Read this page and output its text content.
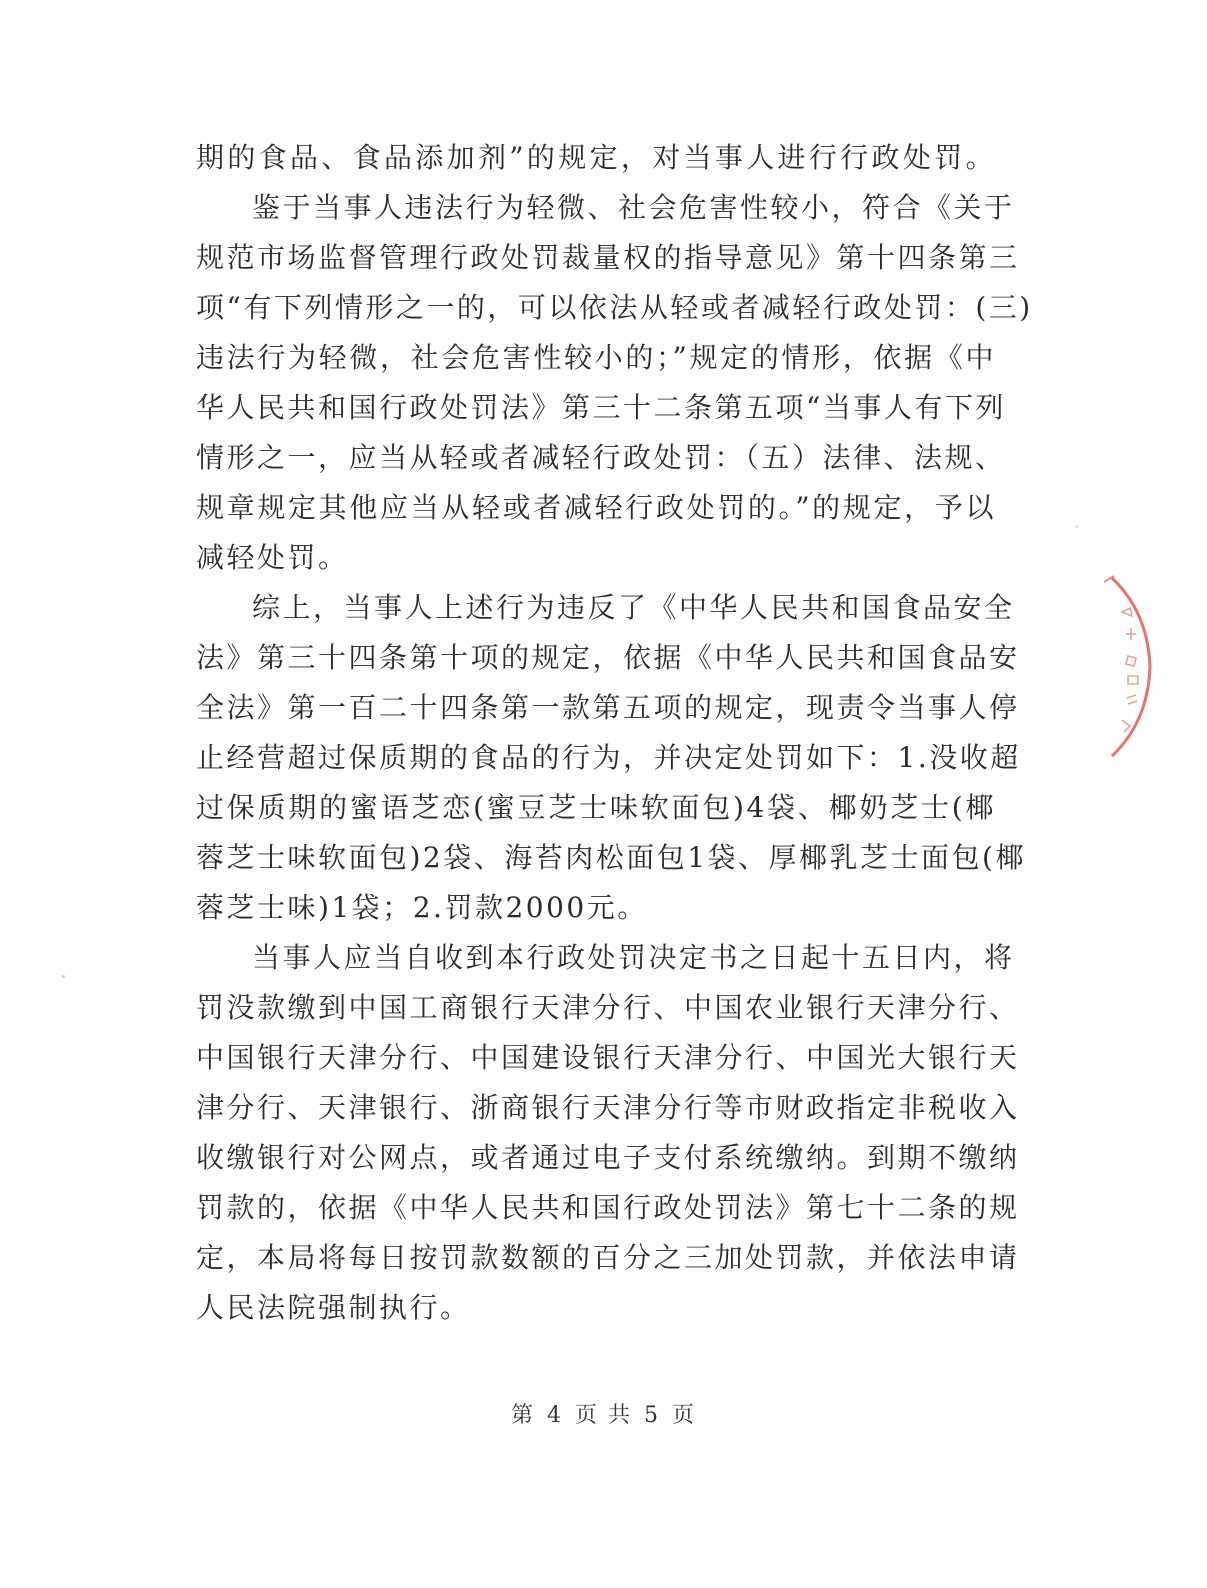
期的食品、食品添加剂”的规定，对当事人进行行政处罚。
鉴于当事人违法行为轻微、社会危害性较小，符合《关于
规范市场监督管理行政处罚裁量权的指导意见》第十四条第三
项“有下列情形之一的，可以依法从轻或者减轻行政处罚：(三)
违法行为轻微，社会危害性较小的；”规定的情形，依据《中
华人民共和国行政处罚法》第三十二条第五项“当事人有下列
情形之一，应当从轻或者减轻行政处罚：（五）法律、法规、
规章规定其他应当从轻或者减轻行政处罚的。”的规定，予以
减轻处罚。
综上，当事人上述行为违反了《中华人民共和国食品安全
法》第三十四条第十项的规定，依据《中华人民共和国食品安
全法》第一百二十四条第一款第五项的规定，现责令当事人停
止经营超过保质期的食品的行为，并决定处罚如下：1.没收超
过保质期的蜜语芝恋(蜜豆芝士味软面包)4袋、椰奶芝士(椰
蓉芝士味软面包)2袋、海苔肉松面包1袋、厚椰乳芝士面包(椰
蓉芝士味)1袋；2.罚款2000元。
当事人应当自收到本行政处罚决定书之日起十五日内，将
罚没款缴到中国工商银行天津分行、中国农业银行天津分行、
中国银行天津分行、中国建设银行天津分行、中国光大银行天
津分行、天津银行、浙商银行天津分行等市财政指定非税收入
收缴银行对公网点，或者通过电子支付系统缴纳。到期不缴纳
罚款的，依据《中华人民共和国行政处罚法》第七十二条的规
定，本局将每日按罚款数额的百分之三加处罚款，并依法申请
人民法院强制执行。
第 4 页 共 5 页
